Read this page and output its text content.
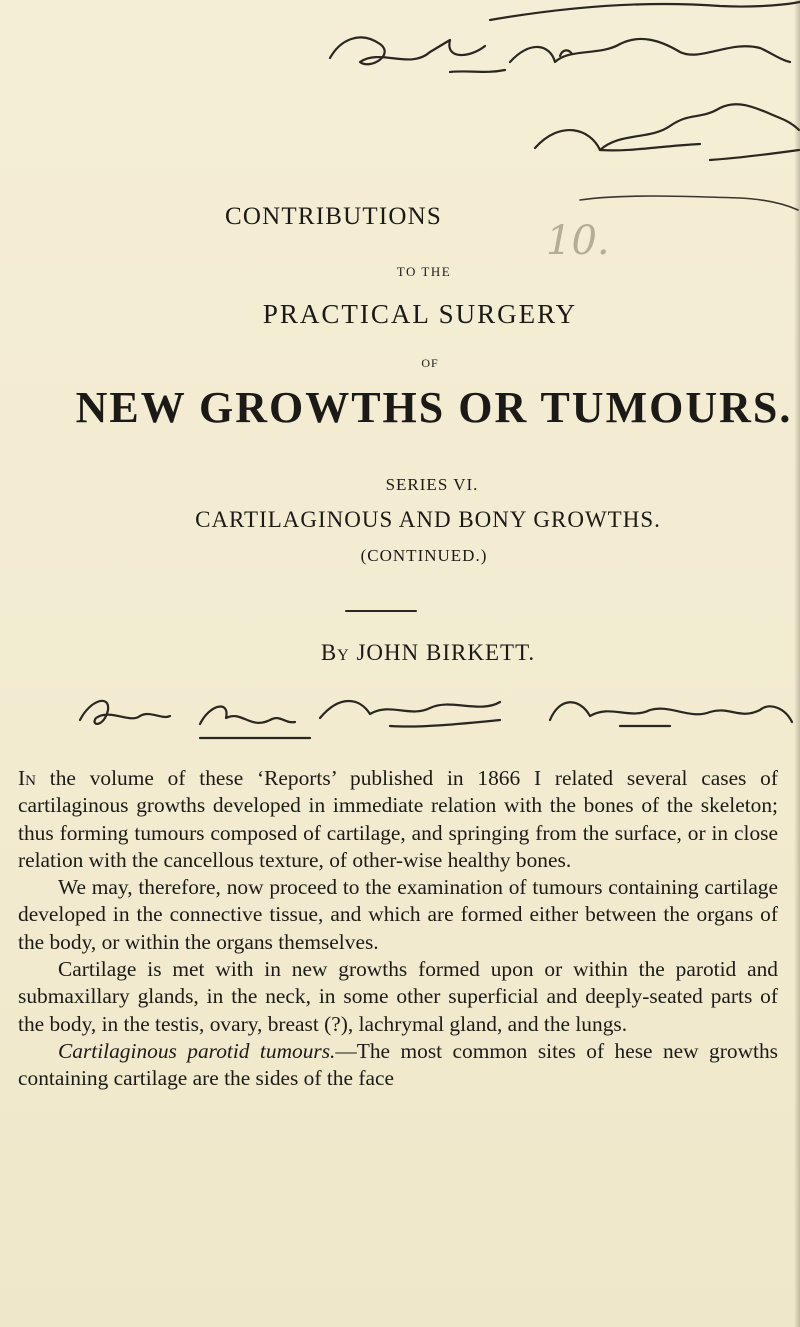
CONTRIBUTIONS
10.
TO THE
PRACTICAL SURGERY
OF
NEW GROWTHS OR TUMOURS.
SERIES VI.
CARTILAGINOUS AND BONY GROWTHS.
(CONTINUED.)
By JOHN BIRKETT.

In the volume of these ‘Reports’ published in 1866 I related several cases of cartilaginous growths developed in immediate relation with the bones of the skeleton; thus forming tumours composed of cartilage, and springing from the surface, or in close relation with the cancellous texture, of other-wise healthy bones.

We may, therefore, now proceed to the examination of tumours containing cartilage developed in the connective tissue, and which are formed either between the organs of the body, or within the organs themselves.

Cartilage is met with in new growths formed upon or within the parotid and submaxillary glands, in the neck, in some other superficial and deeply-seated parts of the body, in the testis, ovary, breast (?), lachrymal gland, and the lungs.

Cartilaginous parotid tumours.—The most common sites of hese new growths containing cartilage are the sides of the face
